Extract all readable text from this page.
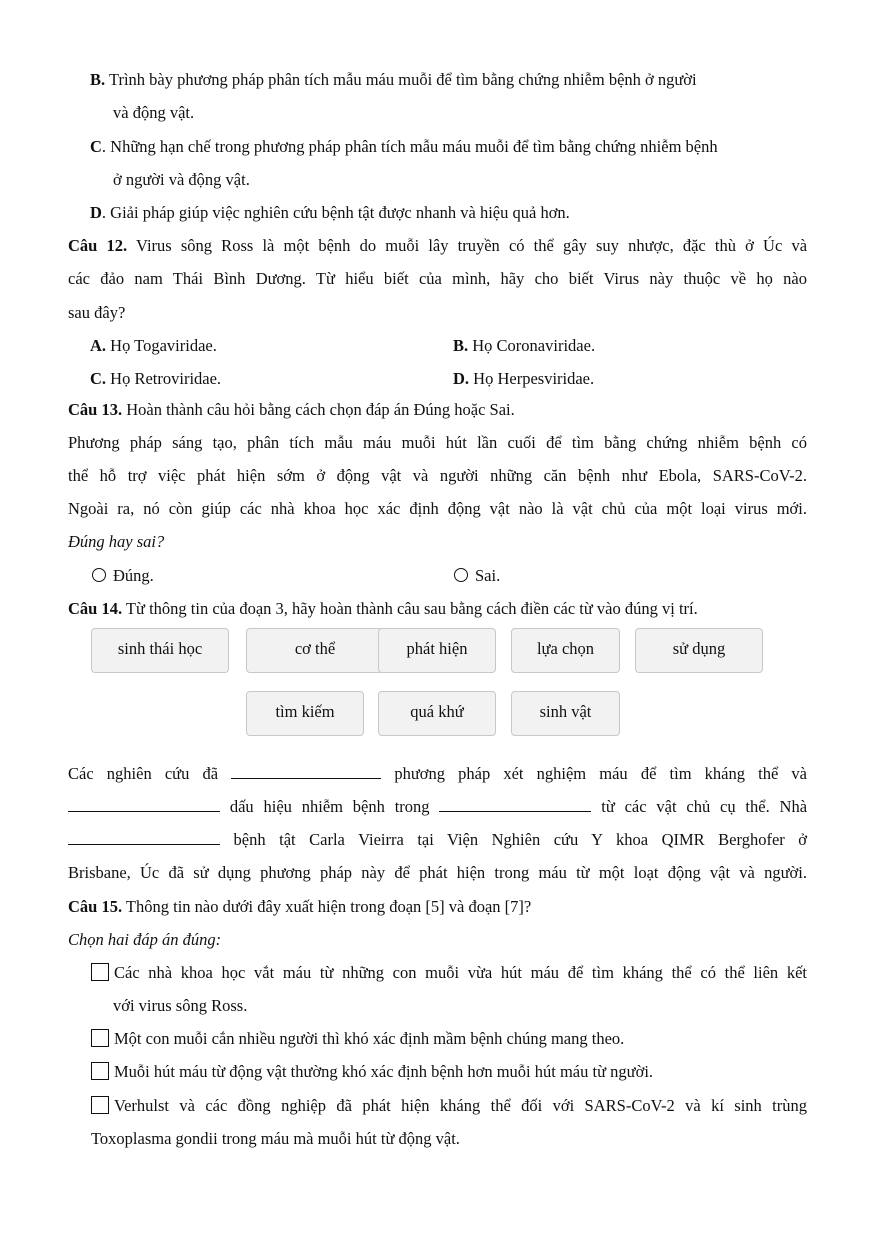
B. Trình bày phương pháp phân tích mẫu máu muỗi để tìm bằng chứng nhiễm bệnh ở người
và động vật.
C. Những hạn chế trong phương pháp phân tích mẫu máu muỗi để tìm bằng chứng nhiễm bệnh
ở người và động vật.
D. Giải pháp giúp việc nghiên cứu bệnh tật được nhanh và hiệu quả hơn.
Câu 12. Virus sông Ross là một bệnh do muỗi lây truyền có thể gây suy nhược, đặc thù ở Úc và
các đảo nam Thái Bình Dương. Từ hiểu biết của mình, hãy cho biết Virus này thuộc về họ nào
sau đây?
A. Họ Togaviridae.	B. Họ Coronaviridae.
C. Họ Retroviridae.	D. Họ Herpesviridae.
Câu 13. Hoàn thành câu hỏi bằng cách chọn đáp án Đúng hoặc Sai.
Phương pháp sáng tạo, phân tích mẫu máu muỗi hút lần cuối để tìm bằng chứng nhiễm bệnh có
thể hỗ trợ việc phát hiện sớm ở động vật và người những căn bệnh như Ebola, SARS-CoV-2.
Ngoài ra, nó còn giúp các nhà khoa học xác định động vật nào là vật chủ của một loại virus mới.
Đúng hay sai?
Đúng.	Sai.
Câu 14. Từ thông tin của đoạn 3, hãy hoàn thành câu sau bằng cách điền các từ vào đúng vị trí.
sinh thái học	cơ thể	phát hiện	lựa chọn	sử dụng
tìm kiếm	quá khứ	sinh vật
Các nghiên cứu đã	phương pháp xét nghiệm máu để tìm kháng thể và
dấu hiệu nhiễm bệnh trong	từ các vật chủ cụ thể. Nhà
bệnh tật Carla Vieirra tại Viện Nghiên cứu Y khoa QIMR Berghofer ở
Brisbane, Úc đã sử dụng phương pháp này để phát hiện trong máu từ một loạt động vật và người.
Câu 15. Thông tin nào dưới đây xuất hiện trong đoạn [5] và đoạn [7]?
Chọn hai đáp án đúng:
Các nhà khoa học vắt máu từ những con muỗi vừa hút máu để tìm kháng thể có thể liên kết
với virus sông Ross.
Một con muỗi cắn nhiều người thì khó xác định mầm bệnh chúng mang theo.
Muỗi hút máu từ động vật thường khó xác định bệnh hơn muỗi hút máu từ người.
Verhulst và các đồng nghiệp đã phát hiện kháng thể đối với SARS-CoV-2 và kí sinh trùng
Toxoplasma gondii trong máu mà muỗi hút từ động vật.
